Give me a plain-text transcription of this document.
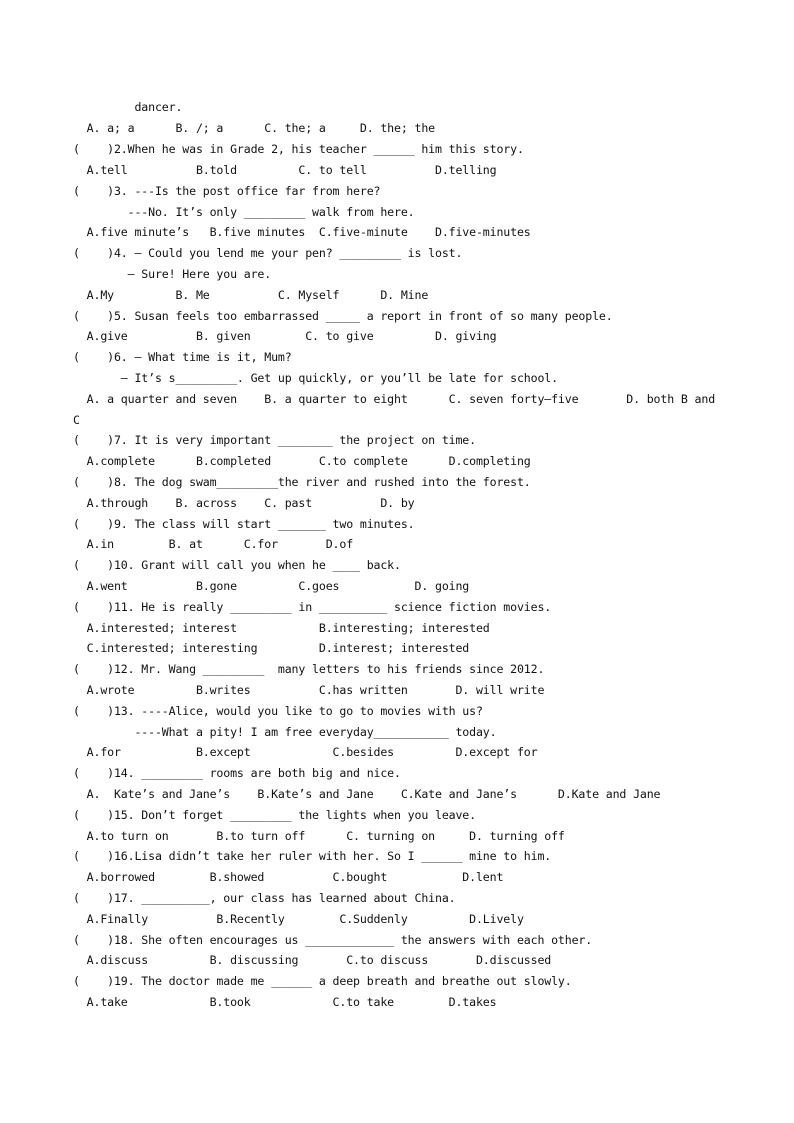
dancer.
A. a; a      B. /; a      C. the; a     D. the; the
(    )2.When he was in Grade 2, his teacher ______ him this story.
A.tell          B.told         C. to tell          D.telling
(    )3. ---Is the post office far from here?
---No. It’s only _________ walk from here.
A.five minute’s   B.five minutes  C.five-minute    D.five-minutes
(    )4. — Could you lend me your pen? _________ is lost.
— Sure! Here you are.
A.My         B. Me          C. Myself      D. Mine
(    )5. Susan feels too embarrassed _____ a report in front of so many people.
A.give          B. given        C. to give         D. giving
(    )6. — What time is it, Mum?
— It’s s_________. Get up quickly, or you’ll be late for school.
A. a quarter and seven    B. a quarter to eight      C. seven forty—five       D. both B and
C
(    )7. It is very important ________ the project on time.
A.complete      B.completed       C.to complete      D.completing
(    )8. The dog swam_________the river and rushed into the forest.
A.through    B. across    C. past          D. by
(    )9. The class will start _______ two minutes.
A.in        B. at      C.for       D.of
(    )10. Grant will call you when he ____ back.
A.went          B.gone         C.goes           D. going
(    )11. He is really _________ in __________ science fiction movies.
A.interested; interest            B.interesting; interested
C.interested; interesting         D.interest; interested
(    )12. Mr. Wang _________  many letters to his friends since 2012.
A.wrote         B.writes          C.has written       D. will write
(    )13. ----Alice, would you like to go to movies with us?
----What a pity! I am free everyday___________ today.
A.for           B.except            C.besides         D.except for
(    )14. _________ rooms are both big and nice.
A.  Kate’s and Jane’s    B.Kate’s and Jane    C.Kate and Jane’s      D.Kate and Jane
(    )15. Don’t forget _________ the lights when you leave.
A.to turn on       B.to turn off      C. turning on     D. turning off
(    )16.Lisa didn’t take her ruler with her. So I ______ mine to him.
A.borrowed        B.showed          C.bought           D.lent
(    )17. __________, our class has learned about China.
A.Finally          B.Recently        C.Suddenly         D.Lively
(    )18. She often encourages us _____________ the answers with each other.
A.discuss         B. discussing       C.to discuss       D.discussed
(    )19. The doctor made me ______ a deep breath and breathe out slowly.
A.take            B.took            C.to take        D.takes
